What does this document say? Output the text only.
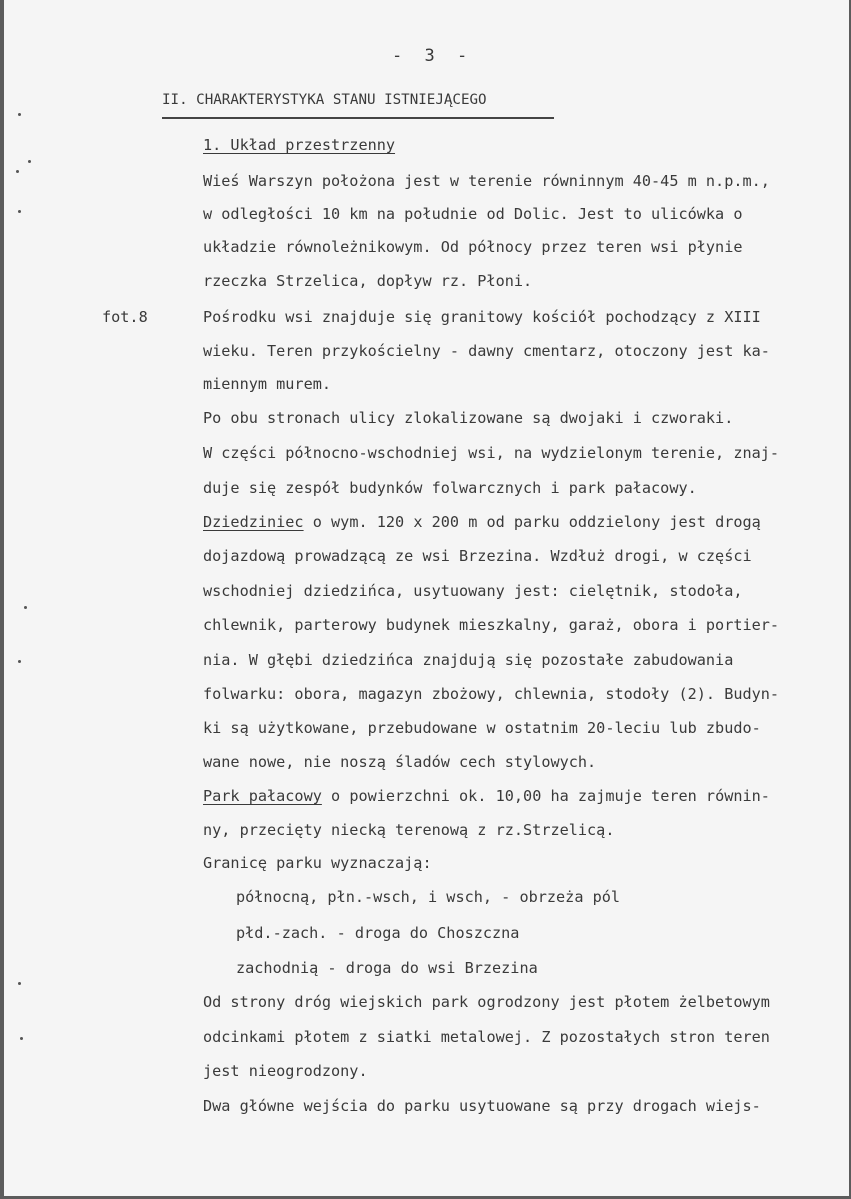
- 3 -
II. CHARAKTERYSTYKA STANU ISTNIEJĄCEGO
1. Układ przestrzenny
fot.8
Wieś Warszyn położona jest w terenie równinnym 40-45 m n.p.m.,
w odległości 10 km na południe od Dolic. Jest to ulicówka o
układzie równoleżnikowym. Od północy przez teren wsi płynie
rzeczka Strzelica, dopływ rz. Płoni.
Pośrodku wsi znajduje się granitowy kościół pochodzący z XIII
wieku. Teren przykościelny - dawny cmentarz, otoczony jest ka-
miennym murem.
Po obu stronach ulicy zlokalizowane są dwojaki i czworaki.
W części północno-wschodniej wsi, na wydzielonym terenie, znaj-
duje się zespół budynków folwarcznych i park pałacowy.
Dziedziniec o wym. 120 x 200 m od parku oddzielony jest drogą
dojazdową prowadzącą ze wsi Brzezina. Wzdłuż drogi, w części
wschodniej dziedzińca, usytuowany jest: cielętnik, stodoła,
chlewnik, parterowy budynek mieszkalny, garaż, obora i portier-
nia. W głębi dziedzińca znajdują się pozostałe zabudowania
folwarku: obora, magazyn zbożowy, chlewnia, stodoły (2). Budyn-
ki są użytkowane, przebudowane w ostatnim 20-leciu lub zbudo-
wane nowe, nie noszą śladów cech stylowych.
Park pałacowy o powierzchni ok. 10,00 ha zajmuje teren równin-
ny, przecięty niecką terenową z rz.Strzelicą.
Granicę parku wyznaczają:
północną, płn.-wsch, i wsch, - obrzeża pól
płd.-zach. - droga do Choszczna
zachodnią - droga do wsi Brzezina
Od strony dróg wiejskich park ogrodzony jest płotem żelbetowym
odcinkami płotem z siatki metalowej. Z pozostałych stron teren
jest nieogrodzony.
Dwa główne wejścia do parku usytuowane są przy drogach wiejs-
